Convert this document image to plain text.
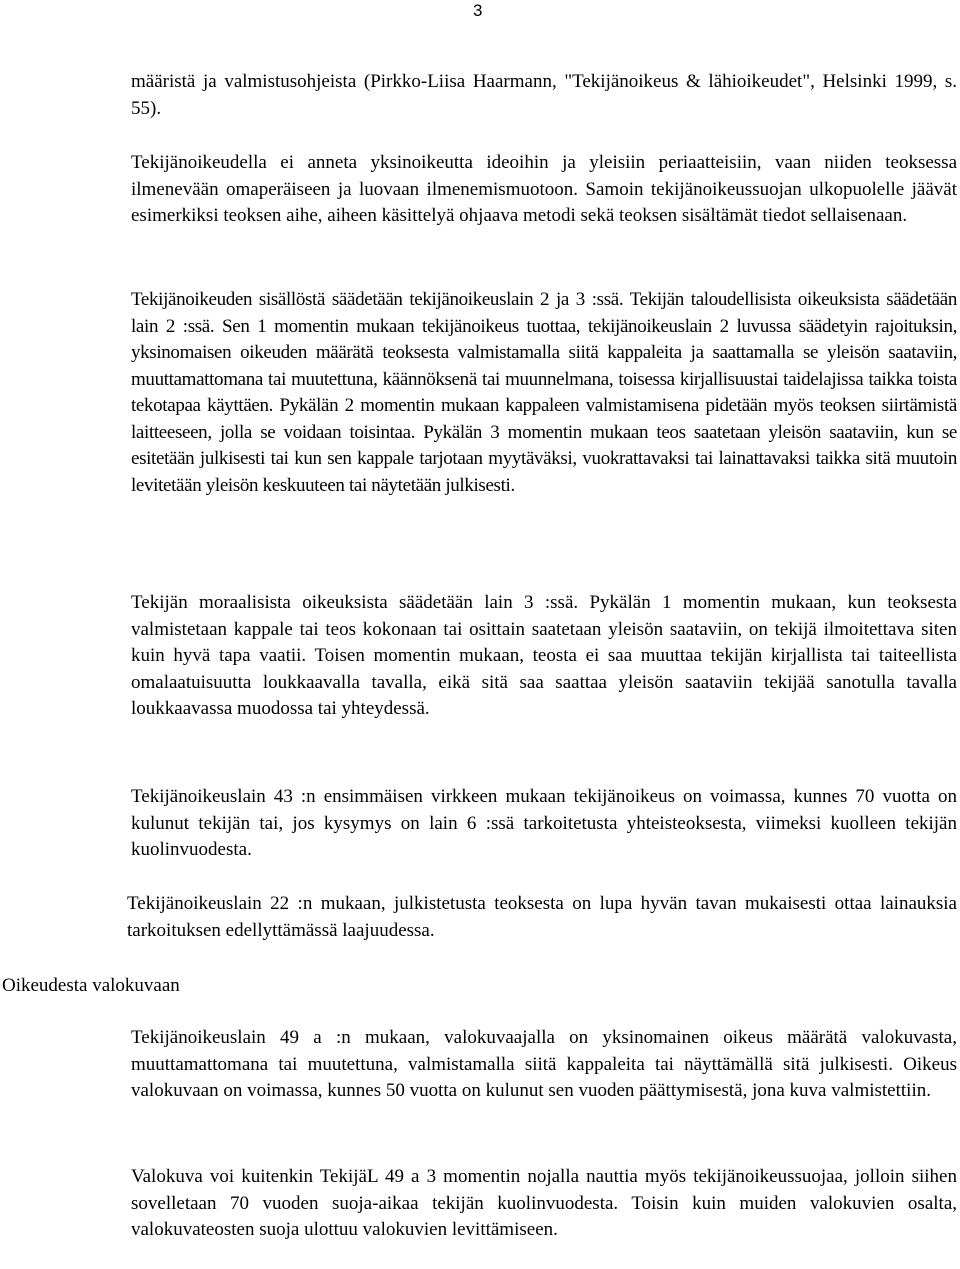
3

määristä ja valmistusohjeista (Pirkko-Liisa Haarmann, "Tekijänoikeus & lähioikeudet", Helsinki 1999, s. 55).

Tekijänoikeudella ei anneta yksinoikeutta ideoihin ja yleisiin periaatteisiin, vaan niiden teoksessa ilmenevään omaperäiseen ja luovaan ilmenemismuotoon. Samoin tekijänoikeussuojan ulkopuolelle jäävät esimerkiksi teoksen aihe, aiheen käsittelyä ohjaava metodi sekä teoksen sisältämät tiedot sellaisenaan.

Tekijänoikeuden sisällöstä säädetään tekijänoikeuslain 2 ja 3 :ssä. Tekijän taloudellisista oikeuksista säädetään lain 2 :ssä. Sen 1 momentin mukaan tekijänoikeus tuottaa, tekijänoikeuslain 2 luvussa säädetyin rajoituksin, yksinomaisen oikeuden määrätä teoksesta valmistamalla siitä kappaleita ja saattamalla se yleisön saataviin, muuttamattomana tai muutettuna, käännöksenä tai muunnelmana, toisessa kirjallisuustai taidelajissa taikka toista tekotapaa käyttäen. Pykälän 2 momentin mukaan kappaleen valmistamisena pidetään myös teoksen siirtämistä laitteeseen, jolla se voidaan toisintaa. Pykälän 3 momentin mukaan teos saatetaan yleisön saataviin, kun se esitetään julkisesti tai kun sen kappale tarjotaan myytäväksi, vuokrattavaksi tai lainattavaksi taikka sitä muutoin levitetään yleisön keskuuteen tai näytetään julkisesti.

Tekijän moraalisista oikeuksista säädetään lain 3 :ssä. Pykälän 1 momentin mukaan, kun teoksesta valmistetaan kappale tai teos kokonaan tai osittain saatetaan yleisön saataviin, on tekijä ilmoitettava siten kuin hyvä tapa vaatii. Toisen momentin mukaan, teosta ei saa muuttaa tekijän kirjallista tai taiteellista omalaatuisuutta loukkaavalla tavalla, eikä sitä saa saattaa yleisön saataviin tekijää sanotulla tavalla loukkaavassa muodossa tai yhteydessä.

Tekijänoikeuslain 43 :n ensimmäisen virkkeen mukaan tekijänoikeus on voimassa, kunnes 70 vuotta on kulunut tekijän tai, jos kysymys on lain 6 :ssä tarkoitetusta yhteisteoksesta, viimeksi kuolleen tekijän kuolinvuodesta.

Tekijänoikeuslain 22 :n mukaan, julkistetusta teoksesta on lupa hyvän tavan mukaisesti ottaa lainauksia tarkoituksen edellyttämässä laajuudessa.

Oikeudesta valokuvaan

Tekijänoikeuslain 49 a :n mukaan, valokuvaajalla on yksinomainen oikeus määrätä valokuvasta, muuttamattomana tai muutettuna, valmistamalla siitä kappaleita tai näyttämällä sitä julkisesti. Oikeus valokuvaan on voimassa, kunnes 50 vuotta on kulunut sen vuoden päättymisestä, jona kuva valmistettiin.

Valokuva voi kuitenkin TekijäL 49 a 3 momentin nojalla nauttia myös tekijänoikeussuojaa, jolloin siihen sovelletaan 70 vuoden suoja-aikaa tekijän kuolinvuodesta. Toisin kuin muiden valokuvien osalta, valokuvateosten suoja ulottuu valokuvien levittämiseen.
